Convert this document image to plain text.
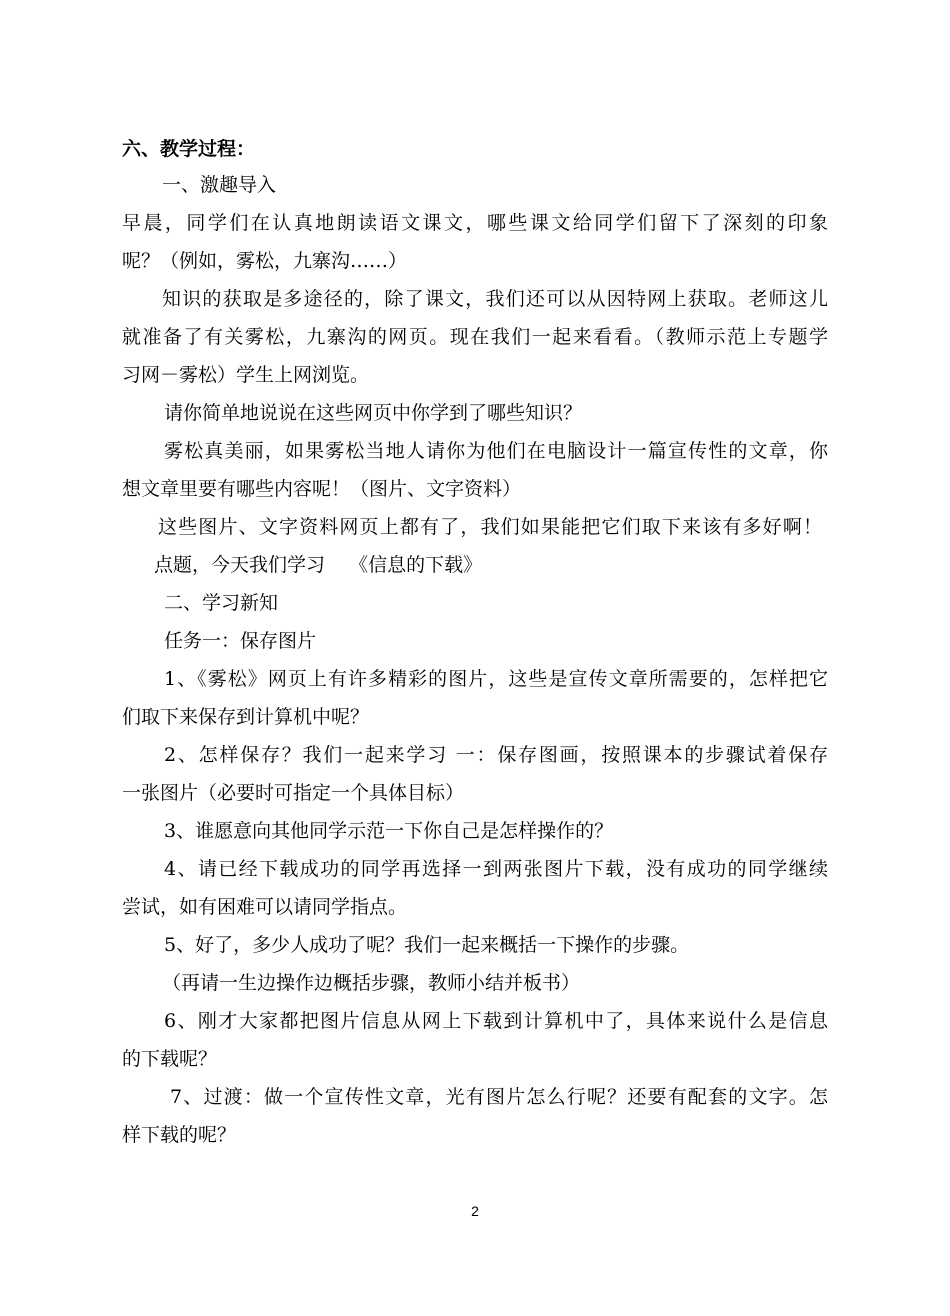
六、教学过程：
一、激趣导入
早晨，同学们在认真地朗读语文课文，哪些课文给同学们留下了深刻的印象
呢？（例如，雾松，九寨沟……）
知识的获取是多途径的，除了课文，我们还可以从因特网上获取。老师这儿
就准备了有关雾松，九寨沟的网页。现在我们一起来看看。（教师示范上专题学
习网－雾松）学生上网浏览。
请你简单地说说在这些网页中你学到了哪些知识？
雾松真美丽，如果雾松当地人请你为他们在电脑设计一篇宣传性的文章，你
想文章里要有哪些内容呢！（图片、文字资料）
这些图片、文字资料网页上都有了，我们如果能把它们取下来该有多好啊！
点题，今天我们学习    《信息的下载》
二、学习新知
任务一：保存图片
1、《雾松》网页上有许多精彩的图片，这些是宣传文章所需要的，怎样把它
们取下来保存到计算机中呢？
2、怎样保存？我们一起来学习 一：保存图画，按照课本的步骤试着保存
一张图片（必要时可指定一个具体目标）
3、谁愿意向其他同学示范一下你自己是怎样操作的？
4、请已经下载成功的同学再选择一到两张图片下载，没有成功的同学继续
尝试，如有困难可以请同学指点。
5、好了，多少人成功了呢？我们一起来概括一下操作的步骤。
（再请一生边操作边概括步骤，教师小结并板书）
6、刚才大家都把图片信息从网上下载到计算机中了，具体来说什么是信息
的下载呢？
7、过渡：做一个宣传性文章，光有图片怎么行呢？还要有配套的文字。怎
样下载的呢？
2
